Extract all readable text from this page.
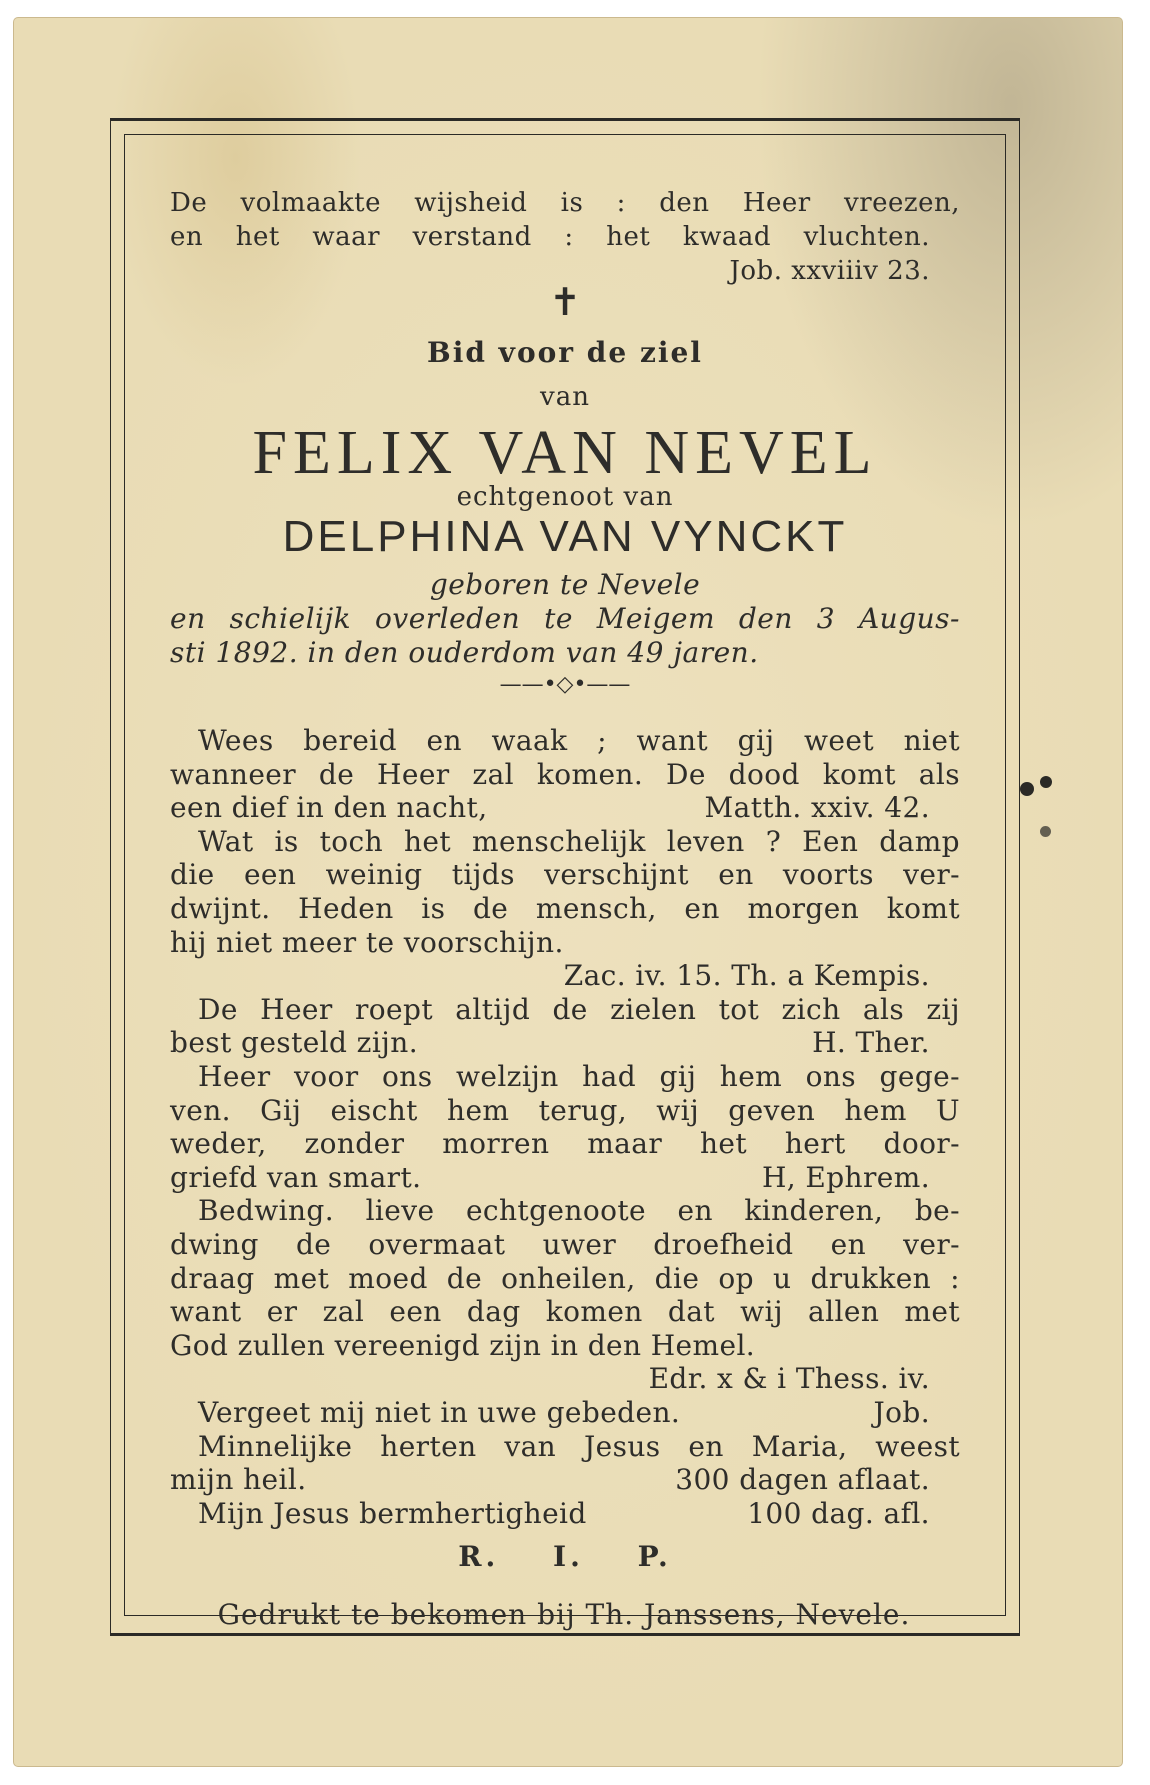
De volmaakte wijsheid is : den Heer vreezen,
en het waar verstand : het kwaad vluchten.
Job. xxviiiv 23.
✝
Bid voor de ziel
van
FELIX VAN NEVEL
echtgenoot van
DELPHINA VAN VYNCKT
geboren te Nevele
en schielijk overleden te Meigem den 3 Augus-
sti 1892. in den ouderdom van 49 jaren.
——•◇•——
Wees bereid en waak ; want gij weet niet
wanneer de Heer zal komen. De dood komt als
een dief in den nacht,	Matth. xxiv. 42.
Wat is toch het menschelijk leven ? Een damp
die een weinig tijds verschijnt en voorts ver-
dwijnt. Heden is de mensch, en morgen komt
hij niet meer te voorschijn.
Zac. iv. 15. Th. a Kempis.
De Heer roept altijd de zielen tot zich als zij
best gesteld zijn.	H. Ther.
Heer voor ons welzijn had gij hem ons gege-
ven. Gij eischt hem terug, wij geven hem U
weder, zonder morren maar het hert door-
griefd van smart.	H, Ephrem.
Bedwing. lieve echtgenoote en kinderen, be-
dwing de overmaat uwer droefheid en ver-
draag met moed de onheilen, die op u drukken :
want er zal een dag komen dat wij allen met
God zullen vereenigd zijn in den Hemel.
Edr. x & i Thess. iv.
Vergeet mij niet in uwe gebeden.	Job.
Minnelijke herten van Jesus en Maria, weest
mijn heil.	300 dagen aflaat.
Mijn Jesus bermhertigheid	100 dag. afl.
R. I. P.
Gedrukt te bekomen bij Th. Janssens, Nevele.
